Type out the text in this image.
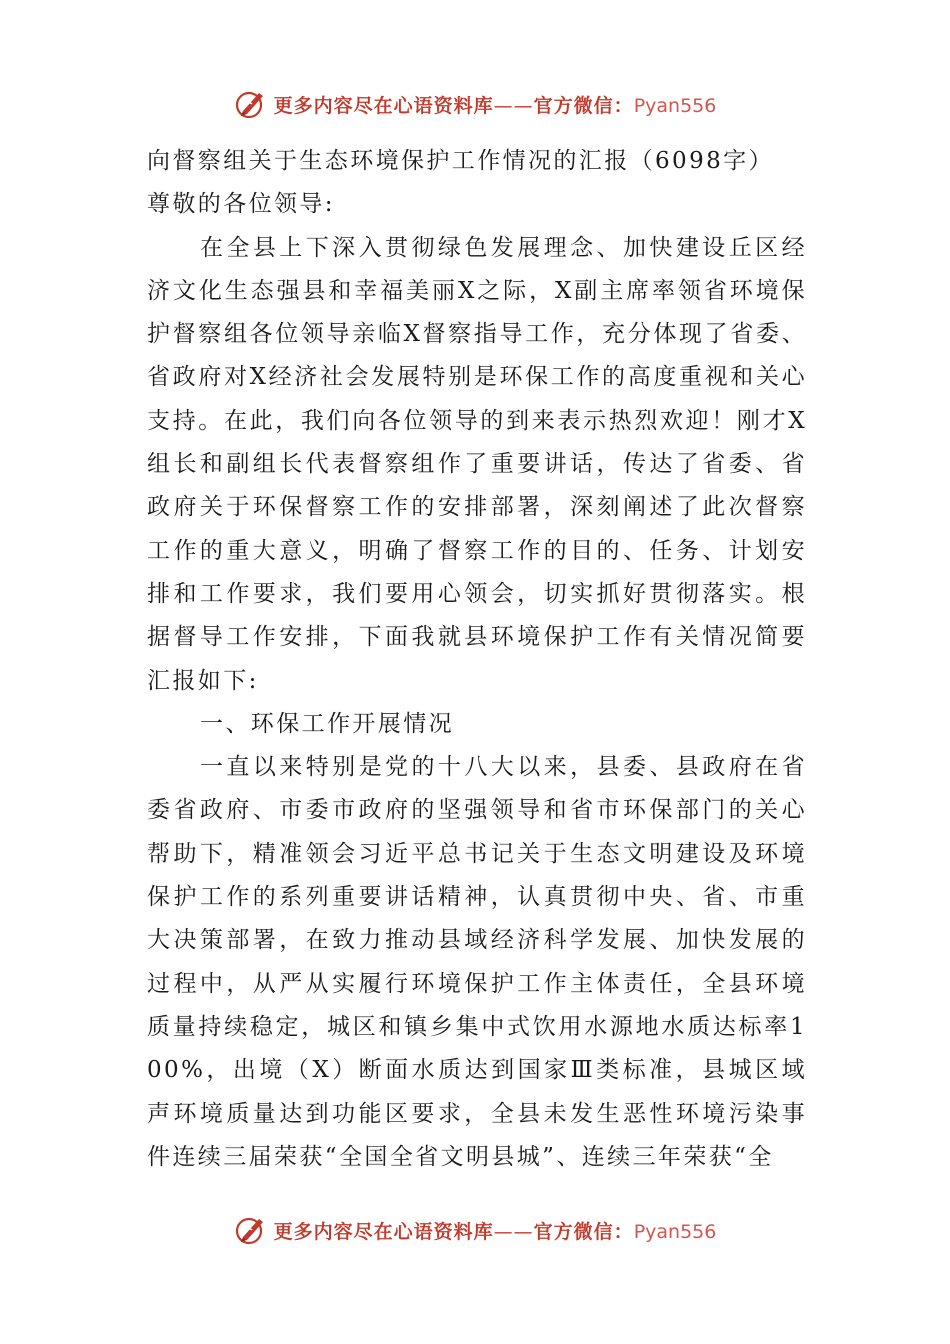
更多内容尽在心语资料库——官方微信：Pyan556

向督察组关于生态环境保护工作情况的汇报（6098字）

尊敬的各位领导:

在全县上下深入贯彻绿色发展理念、加快建设丘区经济文化生态强县和幸福美丽X之际，X副主席率领省环境保护督察组各位领导亲临X督察指导工作，充分体现了省委、省政府对X经济社会发展特别是环保工作的高度重视和关心支持。在此，我们向各位领导的到来表示热烈欢迎！刚才X组长和副组长代表督察组作了重要讲话，传达了省委、省政府关于环保督察工作的安排部署，深刻阐述了此次督察工作的重大意义，明确了督察工作的目的、任务、计划安排和工作要求，我们要用心领会，切实抓好贯彻落实。根据督导工作安排，下面我就县环境保护工作有关情况简要汇报如下:

一、环保工作开展情况

一直以来特别是党的十八大以来，县委、县政府在省委省政府、市委市政府的坚强领导和省市环保部门的关心帮助下，精准领会习近平总书记关于生态文明建设及环境保护工作的系列重要讲话精神，认真贯彻中央、省、市重大决策部署，在致力推动县域经济科学发展、加快发展的过程中，从严从实履行环境保护工作主体责任，全县环境质量持续稳定，城区和镇乡集中式饮用水源地水质达标率100%，出境（X）断面水质达到国家Ⅲ类标准，县城区域声环境质量达到功能区要求，全县未发生恶性环境污染事件连续三届荣获“全国全省文明县城”、连续三年荣获“全

更多内容尽在心语资料库——官方微信：Pyan556
